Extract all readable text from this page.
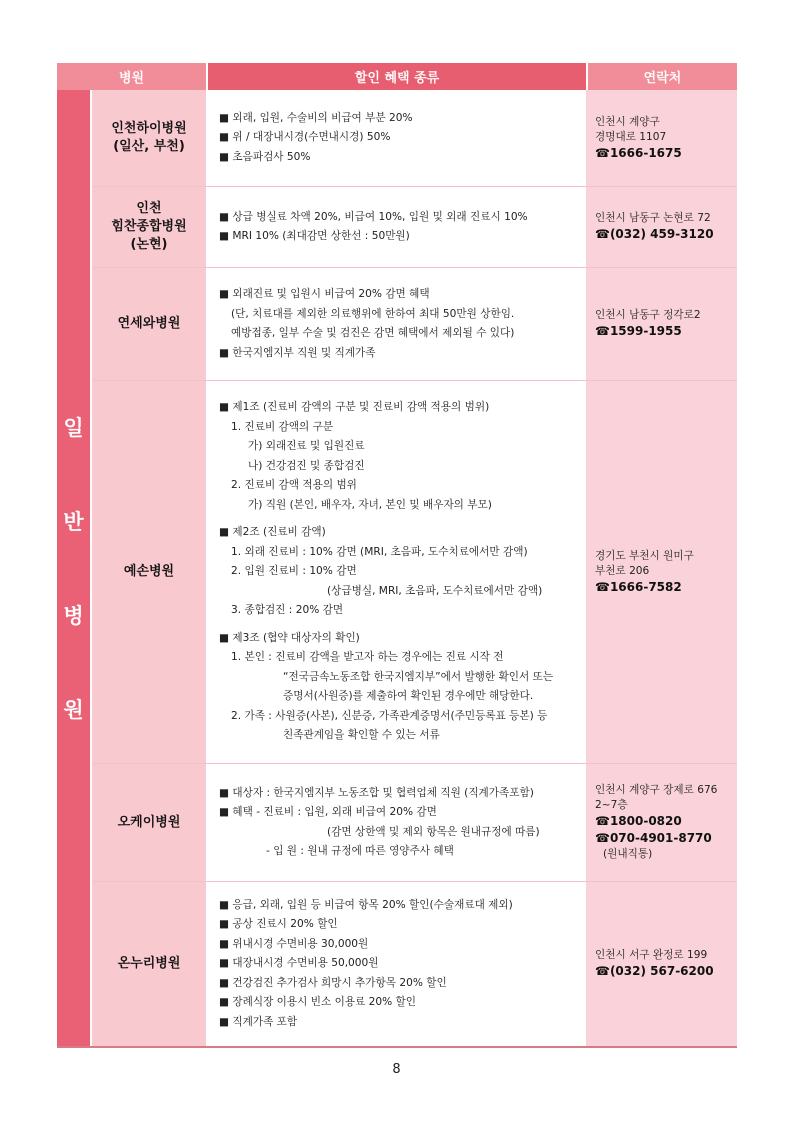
병원	할인 혜택 종류	연락처
일
반
병
원
인천하이병원
(일산, 부천)
■ 외래, 입원, 수술비의 비급여 부분 20%
■ 위 / 대장내시경(수면내시경) 50%
■ 초음파검사 50%
인천시 계양구
경명대로 1107
☎1666-1675
인천
힘찬종합병원
(논현)
■ 상급 병실료 차액 20%, 비급여 10%, 입원 및 외래 진료시 10%
■ MRI 10% (최대감면 상한선 : 50만원)
인천시 남동구 논현로 72
☎(032) 459-3120
연세와병원
■ 외래진료 및 입원시 비급여 20% 감면 혜택
(단, 치료대를 제외한 의료행위에 한하여 최대 50만원 상한임.
예방접종, 일부 수술 및 검진은 감면 혜택에서 제외될 수 있다)
■ 한국지엠지부 직원 및 직계가족
인천시 남동구 정각로2
☎1599-1955
예손병원
■ 제1조 (진료비 감액의 구분 및 진료비 감액 적용의 범위)
1. 진료비 감액의 구분
가) 외래진료 및 입원진료
나) 건강검진 및 종합검진
2. 진료비 감액 적용의 범위
가) 직원 (본인, 배우자, 자녀, 본인 및 배우자의 부모)
■ 제2조 (진료비 감액)
1. 외래 진료비 : 10% 감면 (MRI, 초음파, 도수치료에서만 감액)
2. 입원 진료비 : 10% 감면
(상급병실, MRI, 초음파, 도수치료에서만 감액)
3. 종합검진 : 20% 감면
■ 제3조 (협약 대상자의 확인)
1. 본인 : 진료비 감액을 받고자 하는 경우에는 진료 시작 전
“전국금속노동조합 한국지엠지부”에서 발행한 확인서 또는
증명서(사원증)를 제출하여 확인된 경우에만 해당한다.
2. 가족 : 사원증(사본), 신분증, 가족관계증명서(주민등록표 등본) 등
친족관계임을 확인할 수 있는 서류
경기도 부천시 원미구
부천로 206
☎1666-7582
오케이병원
■ 대상자 : 한국지엠지부 노동조합 및 협력업체 직원 (직계가족포함)
■ 혜택 - 진료비 : 입원, 외래 비급여 20% 감면
(감면 상한액 및 제외 항목은 원내규정에 따름)
- 입 원 : 원내 규정에 따른 영양주사 혜택
인천시 계양구 장제로 676
2~7층
☎1800-0820
☎070-4901-8770
(원내직통)
온누리병원
■ 응급, 외래, 입원 등 비급여 항목 20% 할인(수술재료대 제외)
■ 공상 진료시 20% 할인
■ 위내시경 수면비용 30,000원
■ 대장내시경 수면비용 50,000원
■ 건강검진 추가검사 희망시 추가항목 20% 할인
■ 장례식장 이용시 빈소 이용료 20% 할인
■ 직계가족 포함
인천시 서구 완정로 199
☎(032) 567-6200
8
